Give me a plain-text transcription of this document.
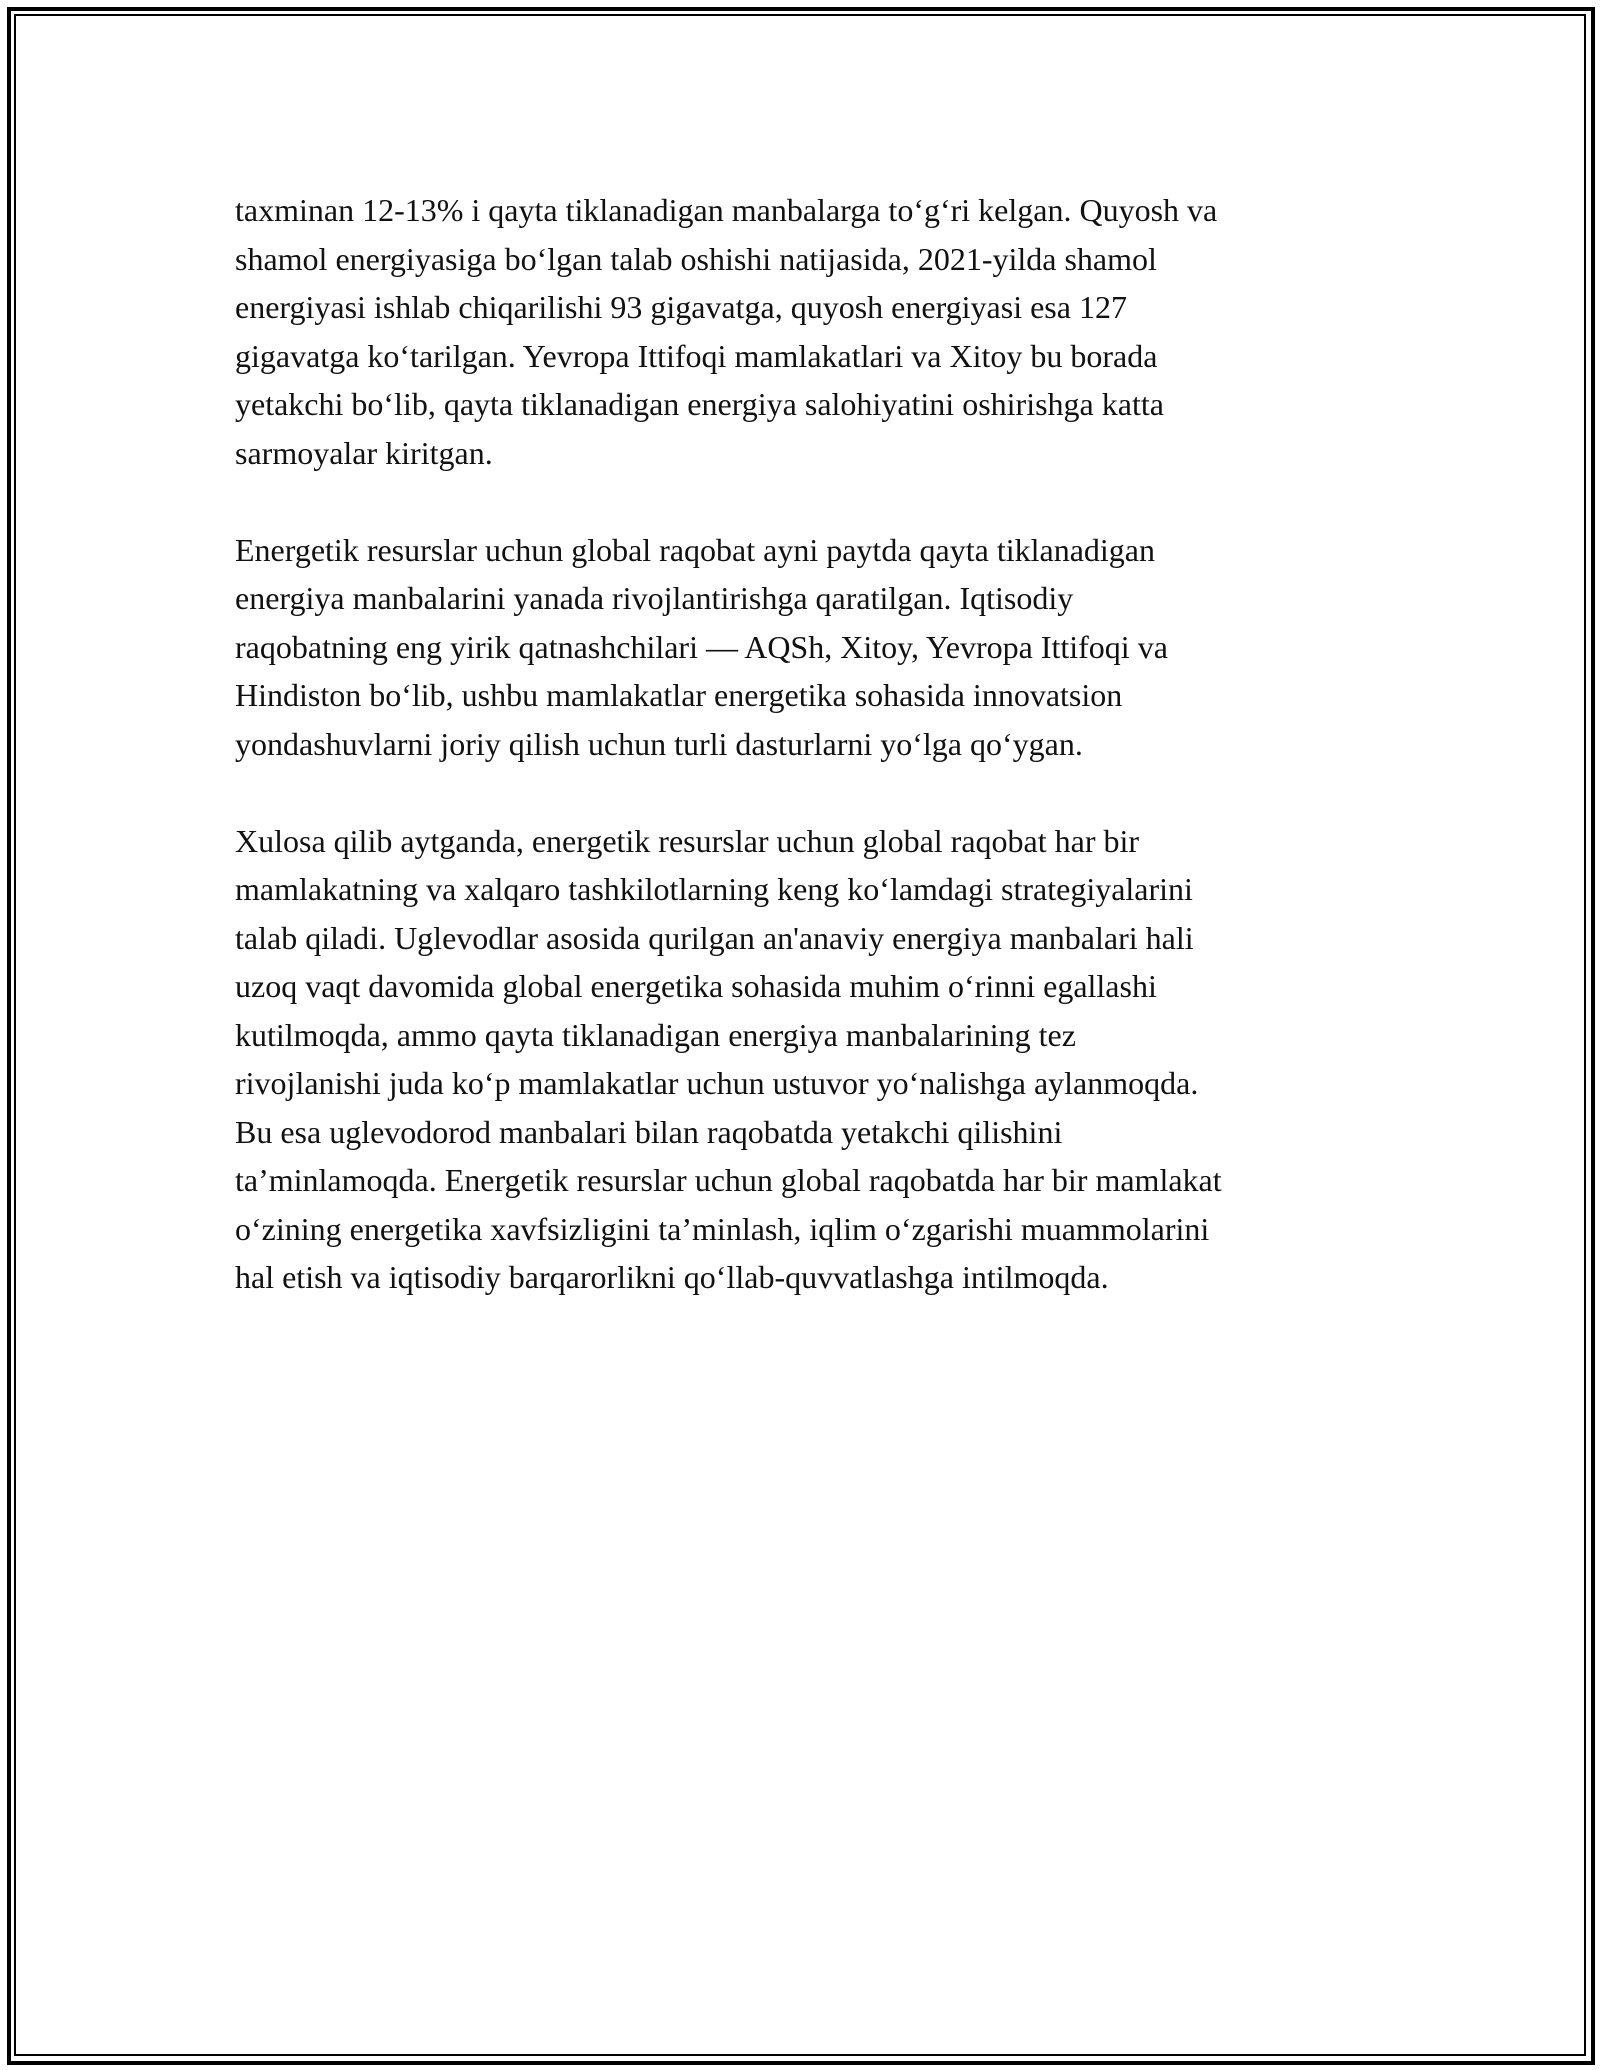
taxminan 12-13% i qayta tiklanadigan manbalarga to‘g‘ri kelgan. Quyosh va
shamol energiyasiga bo‘lgan talab oshishi natijasida, 2021-yilda shamol
energiyasi ishlab chiqarilishi 93 gigavatga, quyosh energiyasi esa 127
gigavatga ko‘tarilgan. Yevropa Ittifoqi mamlakatlari va Xitoy bu borada
yetakchi bo‘lib, qayta tiklanadigan energiya salohiyatini oshirishga katta
sarmoyalar kiritgan.

Energetik resurslar uchun global raqobat ayni paytda qayta tiklanadigan
energiya manbalarini yanada rivojlantirishga qaratilgan. Iqtisodiy
raqobatning eng yirik qatnashchilari — AQSh, Xitoy, Yevropa Ittifoqi va
Hindiston bo‘lib, ushbu mamlakatlar energetika sohasida innovatsion
yondashuvlarni joriy qilish uchun turli dasturlarni yo‘lga qo‘ygan.

Xulosa qilib aytganda, energetik resurslar uchun global raqobat har bir
mamlakatning va xalqaro tashkilotlarning keng ko‘lamdagi strategiyalarini
talab qiladi. Uglevodlar asosida qurilgan an'anaviy energiya manbalari hali
uzoq vaqt davomida global energetika sohasida muhim o‘rinni egallashi
kutilmoqda, ammo qayta tiklanadigan energiya manbalarining tez
rivojlanishi juda ko‘p mamlakatlar uchun ustuvor yo‘nalishga aylanmoqda.
Bu esa uglevodorod manbalari bilan raqobatda yetakchi qilishini
ta’minlamoqda. Energetik resurslar uchun global raqobatda har bir mamlakat
o‘zining energetika xavfsizligini ta’minlash, iqlim o‘zgarishi muammolarini
hal etish va iqtisodiy barqarorlikni qo‘llab-quvvatlashga intilmoqda.
